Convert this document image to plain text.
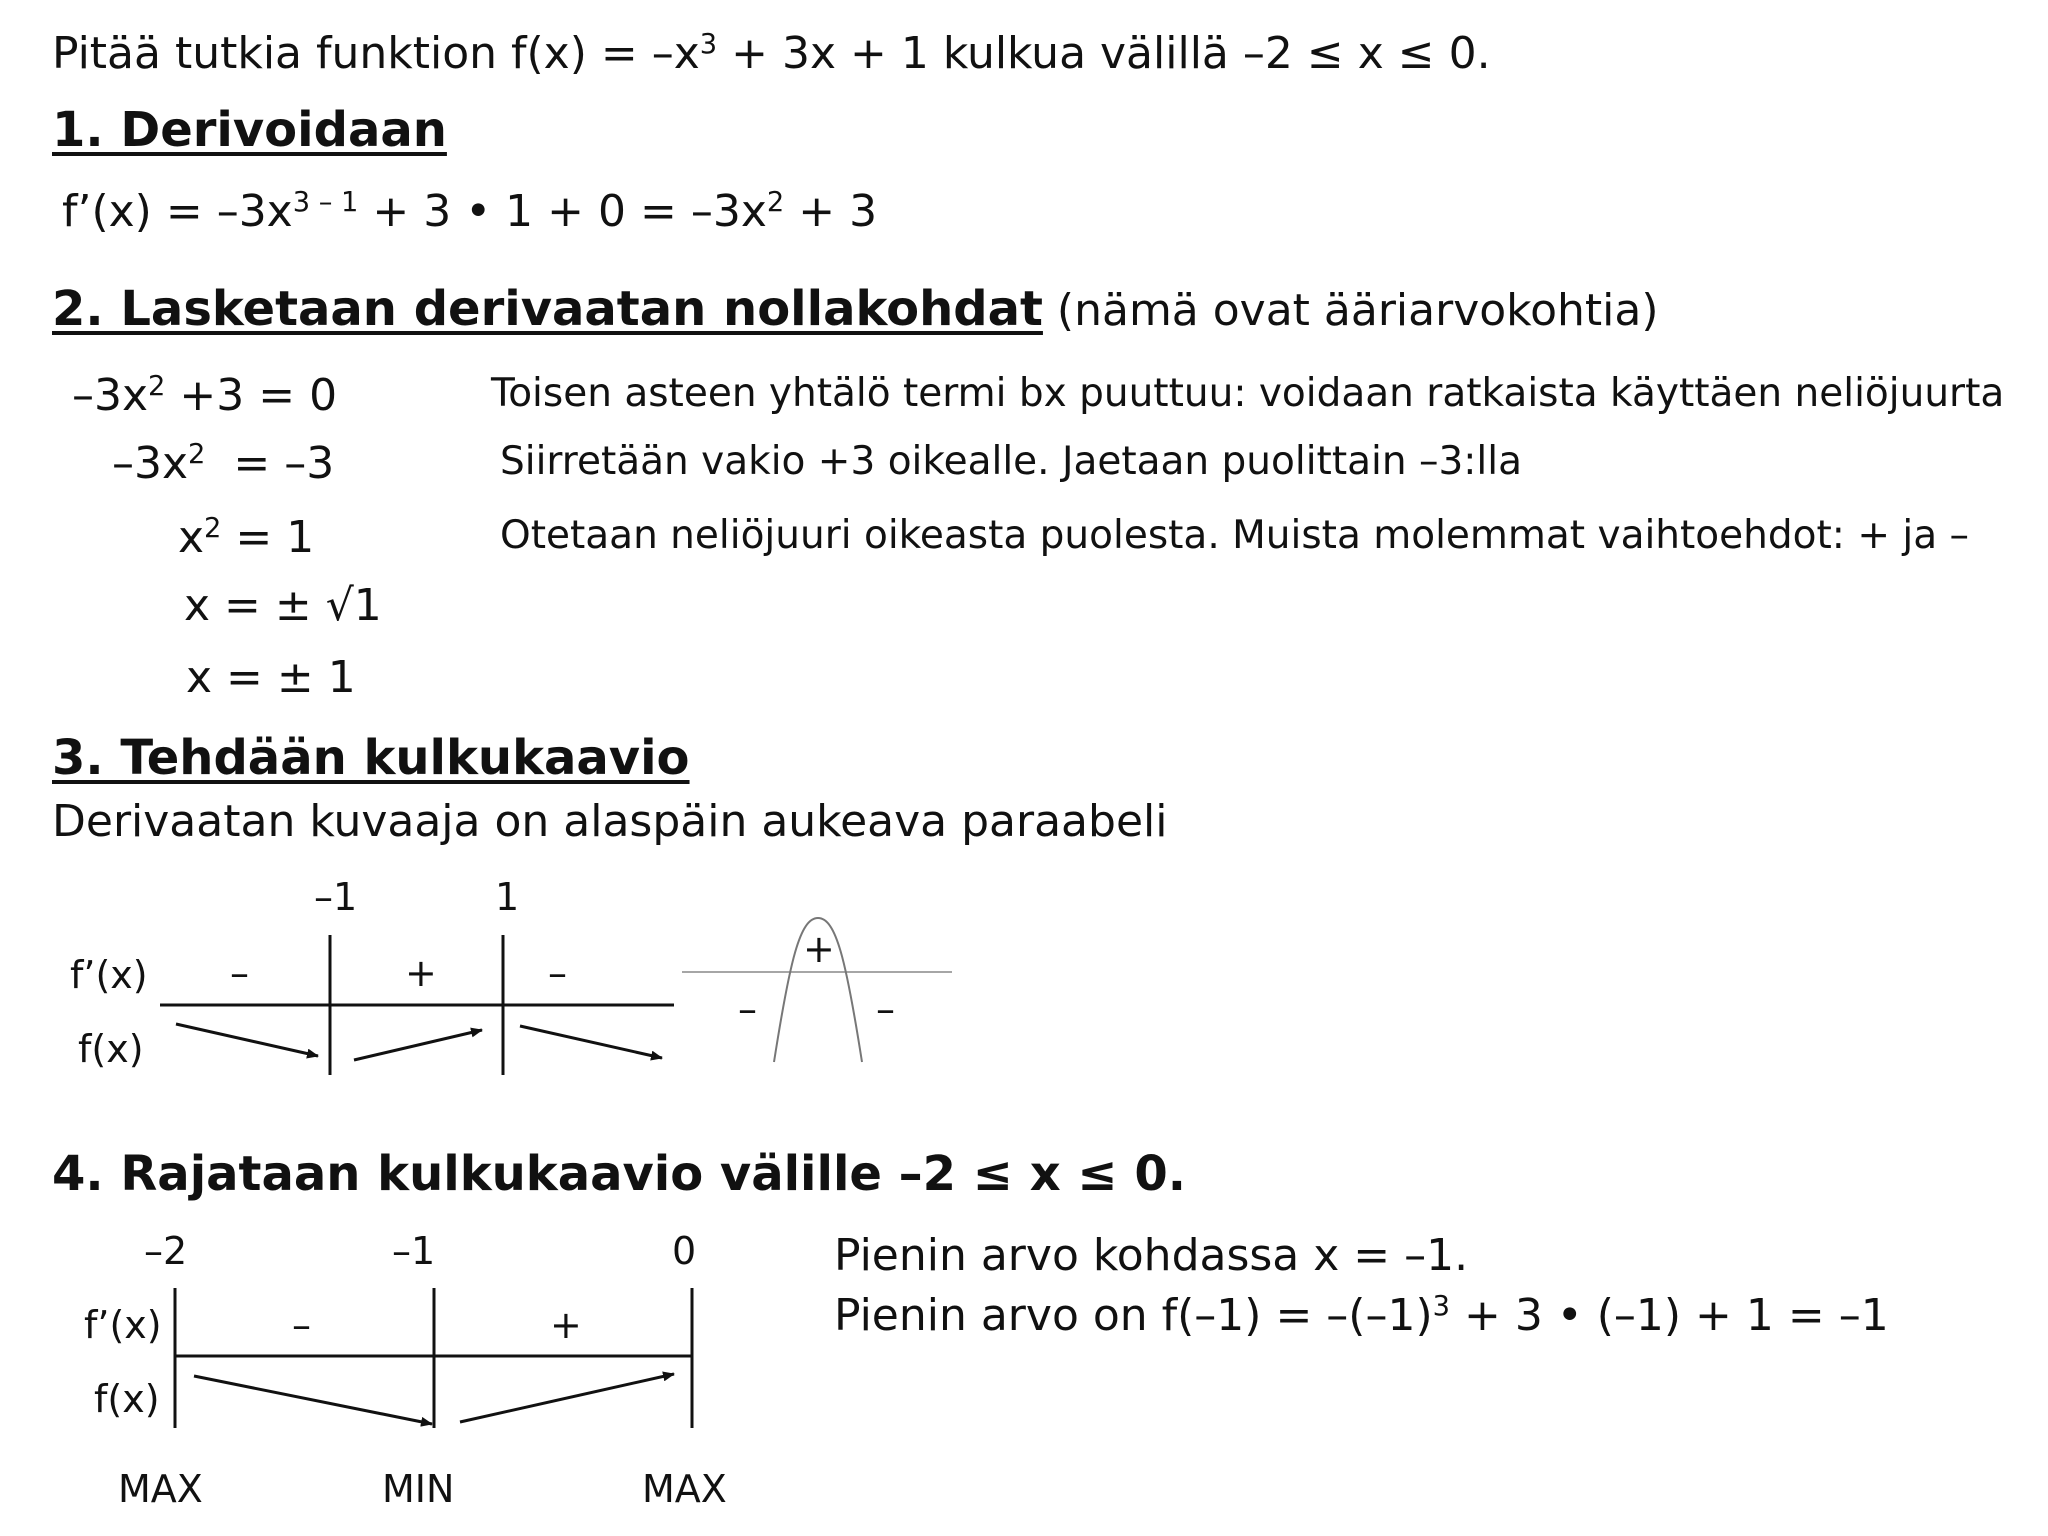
Pitää tutkia funktion $f(x) = -x^3 + 3x + 1$ kulkua välillä –2 ≤ x ≤ 0.
1. Derivoidaan
f’(x) = $-3x^{3 - 1} + 3$ • $1 + 0 = -3x^2 + 3$
2. Lasketaan derivaatan nollakohdat (nämä ovat ääriarvokohtia)
$-3x^2 +3 = 0$	Toisen asteen yhtälö termi bx puuttuu: voidaan ratkaista käyttäen neliöjuurta
$-3x^2 = -3$	Siirretään vakio +3 oikealle. Jaetaan puolittain –3:lla
$x^2 = 1$	Otetaan neliöjuuri oikeasta puolesta. Muista molemmat vaihtoehdot: + ja –
x = ± √1
x = ± 1
3. Tehdään kulkukaavio
Derivaatan kuvaaja on alaspäin aukeava paraabeli
–1	1
f’(x)
f(x)
–	+	–
+
–	–
4. Rajataan kulkukaavio välille –2 ≤ x ≤ 0.
–2	–1	0
f’(x)
f(x)
–	+
MAX	MIN	MAX
Pienin arvo kohdassa x = –1.
Pienin arvo on $f(-1) = -(-1)^3 + 3$ • (–1) + 1 = –1
